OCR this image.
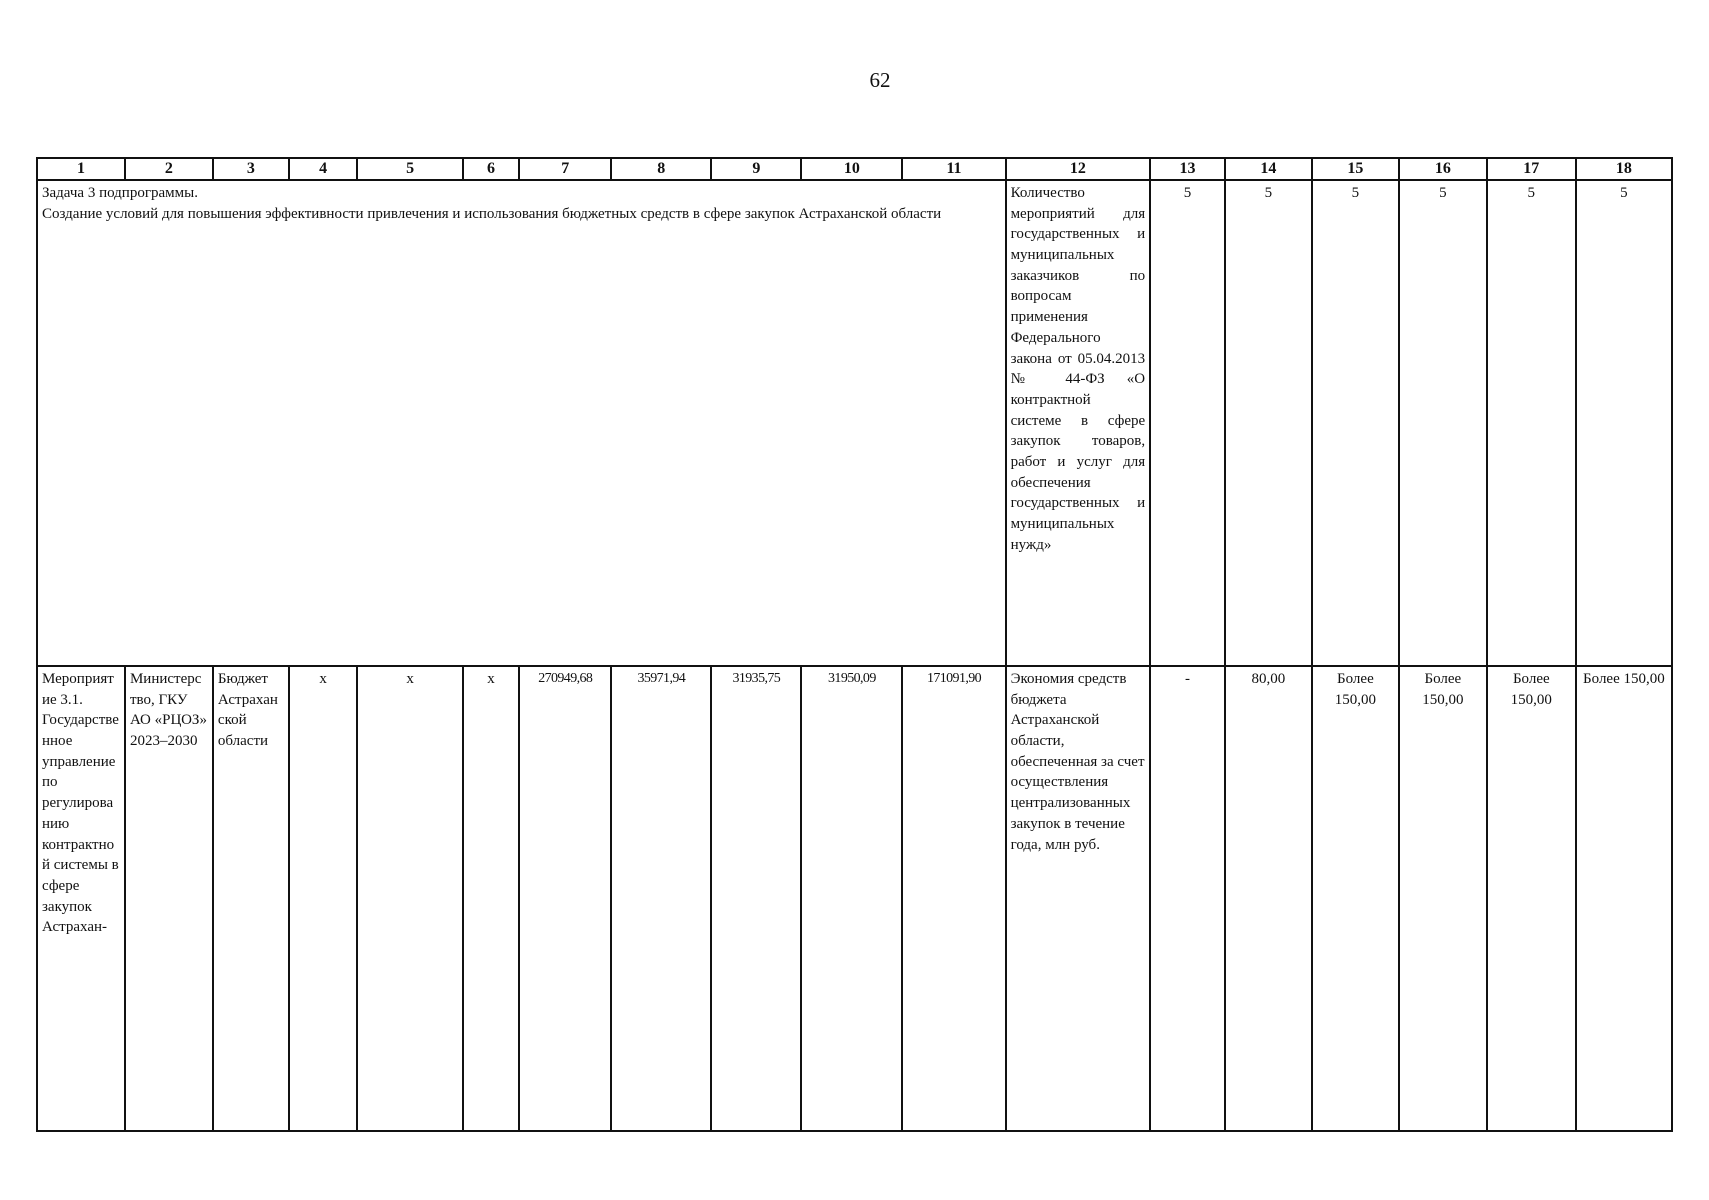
62
1	2	3	4	5	6	7	8	9	10	11	12	13	14	15	16	17	18

Задача 3 подпрограммы.
Создание условий для повышения эффективности привлечения и использования бюджетных средств в сфере закупок Астраханской области											Количество мероприятий для государственных и муниципальных заказчиков по вопросам применения Федерального закона от 05.04.2013 № 44-ФЗ «О контрактной системе в сфере закупок товаров, работ и услуг для обеспечения государственных и муниципальных нужд»	5	5	5	5	5	5
Мероприятие 3.1. Государственное управление по регулированию контрактной системы в сфере закупок Астрахан-	Министерство, ГКУ АО «РЦОЗ» 2023–2030	Бюджет Астраханской области	х	х	х	270949,68	35971,94	31935,75	31950,09	171091,90	Экономия средств бюджета Астраханской области, обеспеченная за счет осуществления централизованных закупок в течение года, млн руб.	-	80,00	Более 150,00	Более 150,00	Более 150,00	Более 150,00
